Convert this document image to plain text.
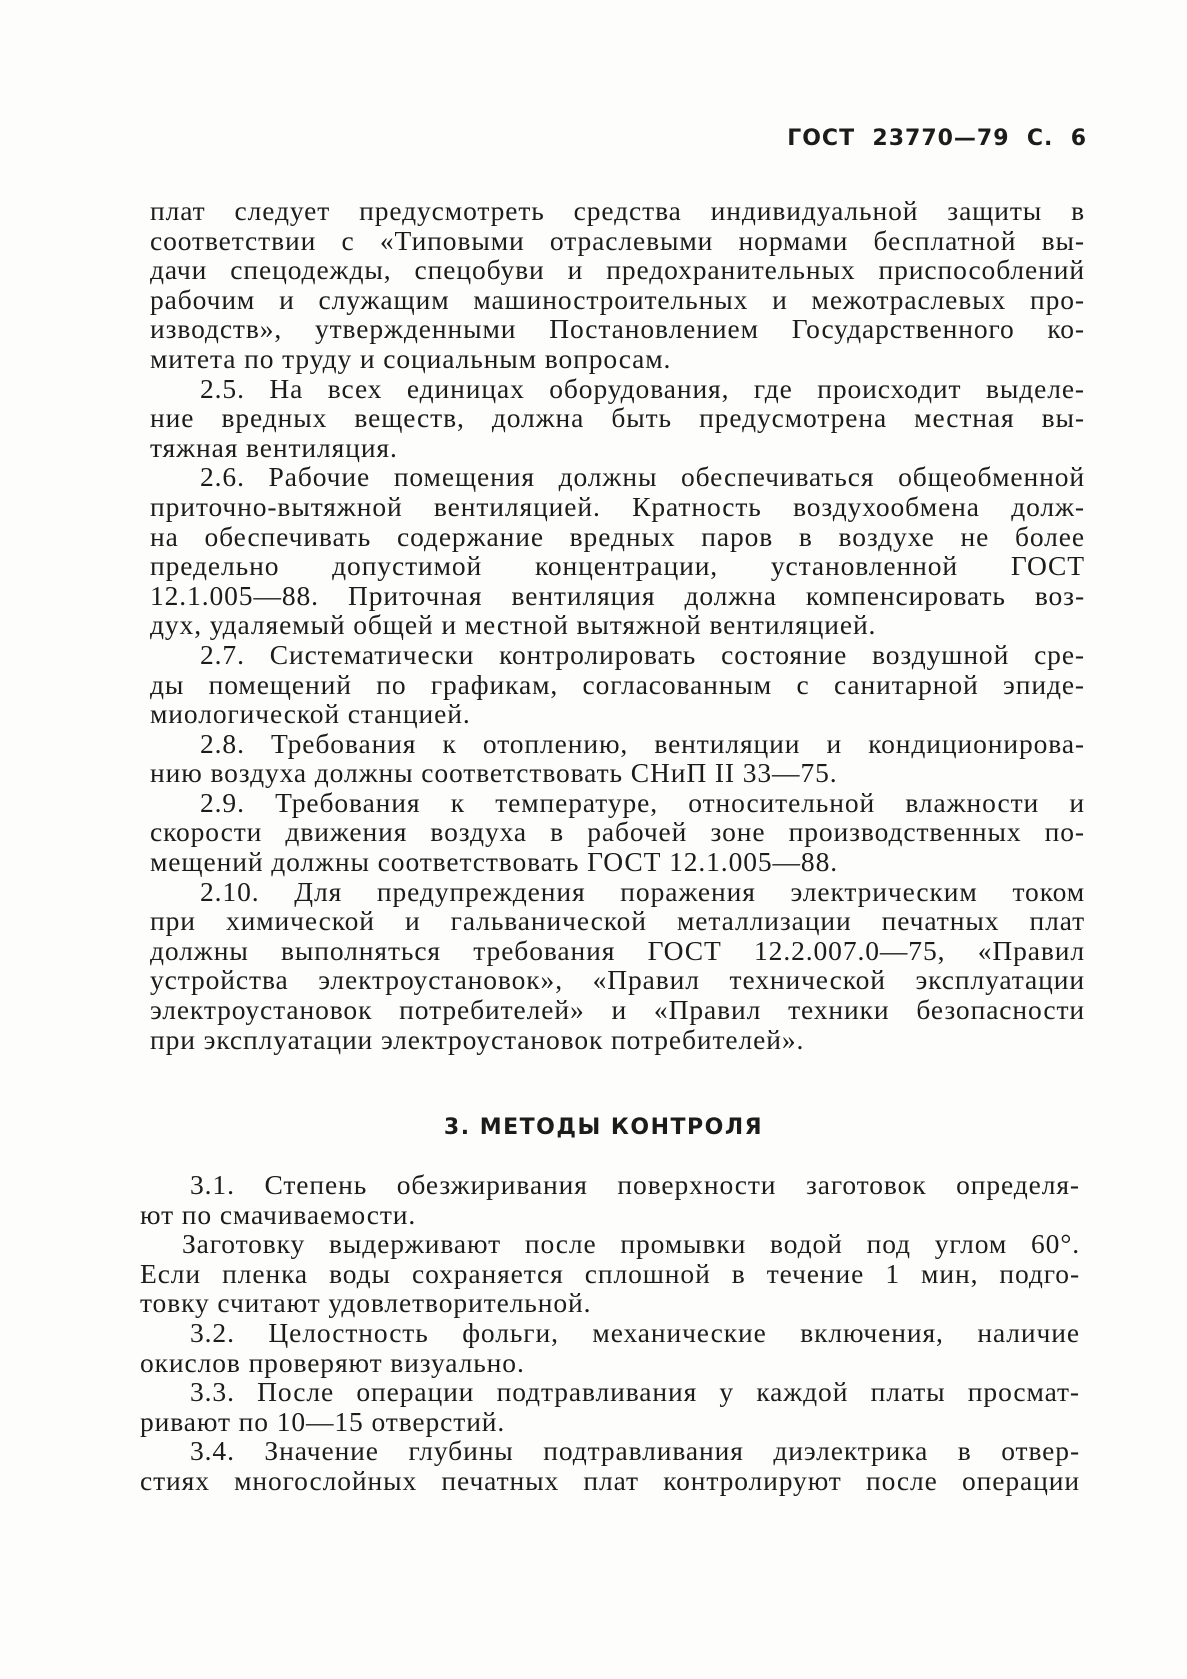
ГОСТ  23770—79  С.  6
плат следует предусмотреть средства индивидуальной защиты в
соответствии с «Типовыми отраслевыми нормами бесплатной вы-
дачи спецодежды, спецобуви и предохранительных приспособлений
рабочим и служащим машиностроительных и межотраслевых про-
изводств», утвержденными Постановлением Государственного ко-
митета по труду и социальным вопросам.
2.5. На всех единицах оборудования, где происходит выделе-
ние вредных веществ, должна быть предусмотрена местная вы-
тяжная вентиляция.
2.6. Рабочие помещения должны обеспечиваться общеобменной
приточно-вытяжной вентиляцией. Кратность воздухообмена долж-
на обеспечивать содержание вредных паров в воздухе не более
предельно допустимой концентрации, установленной ГОСТ
12.1.005—88. Приточная вентиляция должна компенсировать воз-
дух, удаляемый общей и местной вытяжной вентиляцией.
2.7. Систематически контролировать состояние воздушной сре-
ды помещений по графикам, согласованным с санитарной эпиде-
миологической станцией.
2.8. Требования к отоплению, вентиляции и кондиционирова-
нию воздуха должны соответствовать СНиП II 33—75.
2.9. Требования к температуре, относительной влажности и
скорости движения воздуха в рабочей зоне производственных по-
мещений должны соответствовать ГОСТ 12.1.005—88.
2.10. Для предупреждения поражения электрическим током
при химической и гальванической металлизации печатных плат
должны выполняться требования ГОСТ 12.2.007.0—75, «Правил
устройства электроустановок», «Правил технической эксплуатации
электроустановок потребителей» и «Правил техники безопасности
при эксплуатации электроустановок потребителей».
3. МЕТОДЫ КОНТРОЛЯ
3.1. Степень обезжиривания поверхности заготовок определя-
ют по смачиваемости.
Заготовку выдерживают после промывки водой под углом 60°.
Если пленка воды сохраняется сплошной в течение 1 мин, подго-
товку считают удовлетворительной.
3.2. Целостность фольги, механические включения, наличие
окислов проверяют визуально.
3.3. После операции подтравливания у каждой платы просмат-
ривают по 10—15 отверстий.
3.4. Значение глубины подтравливания диэлектрика в отвер-
стиях многослойных печатных плат контролируют после операции
